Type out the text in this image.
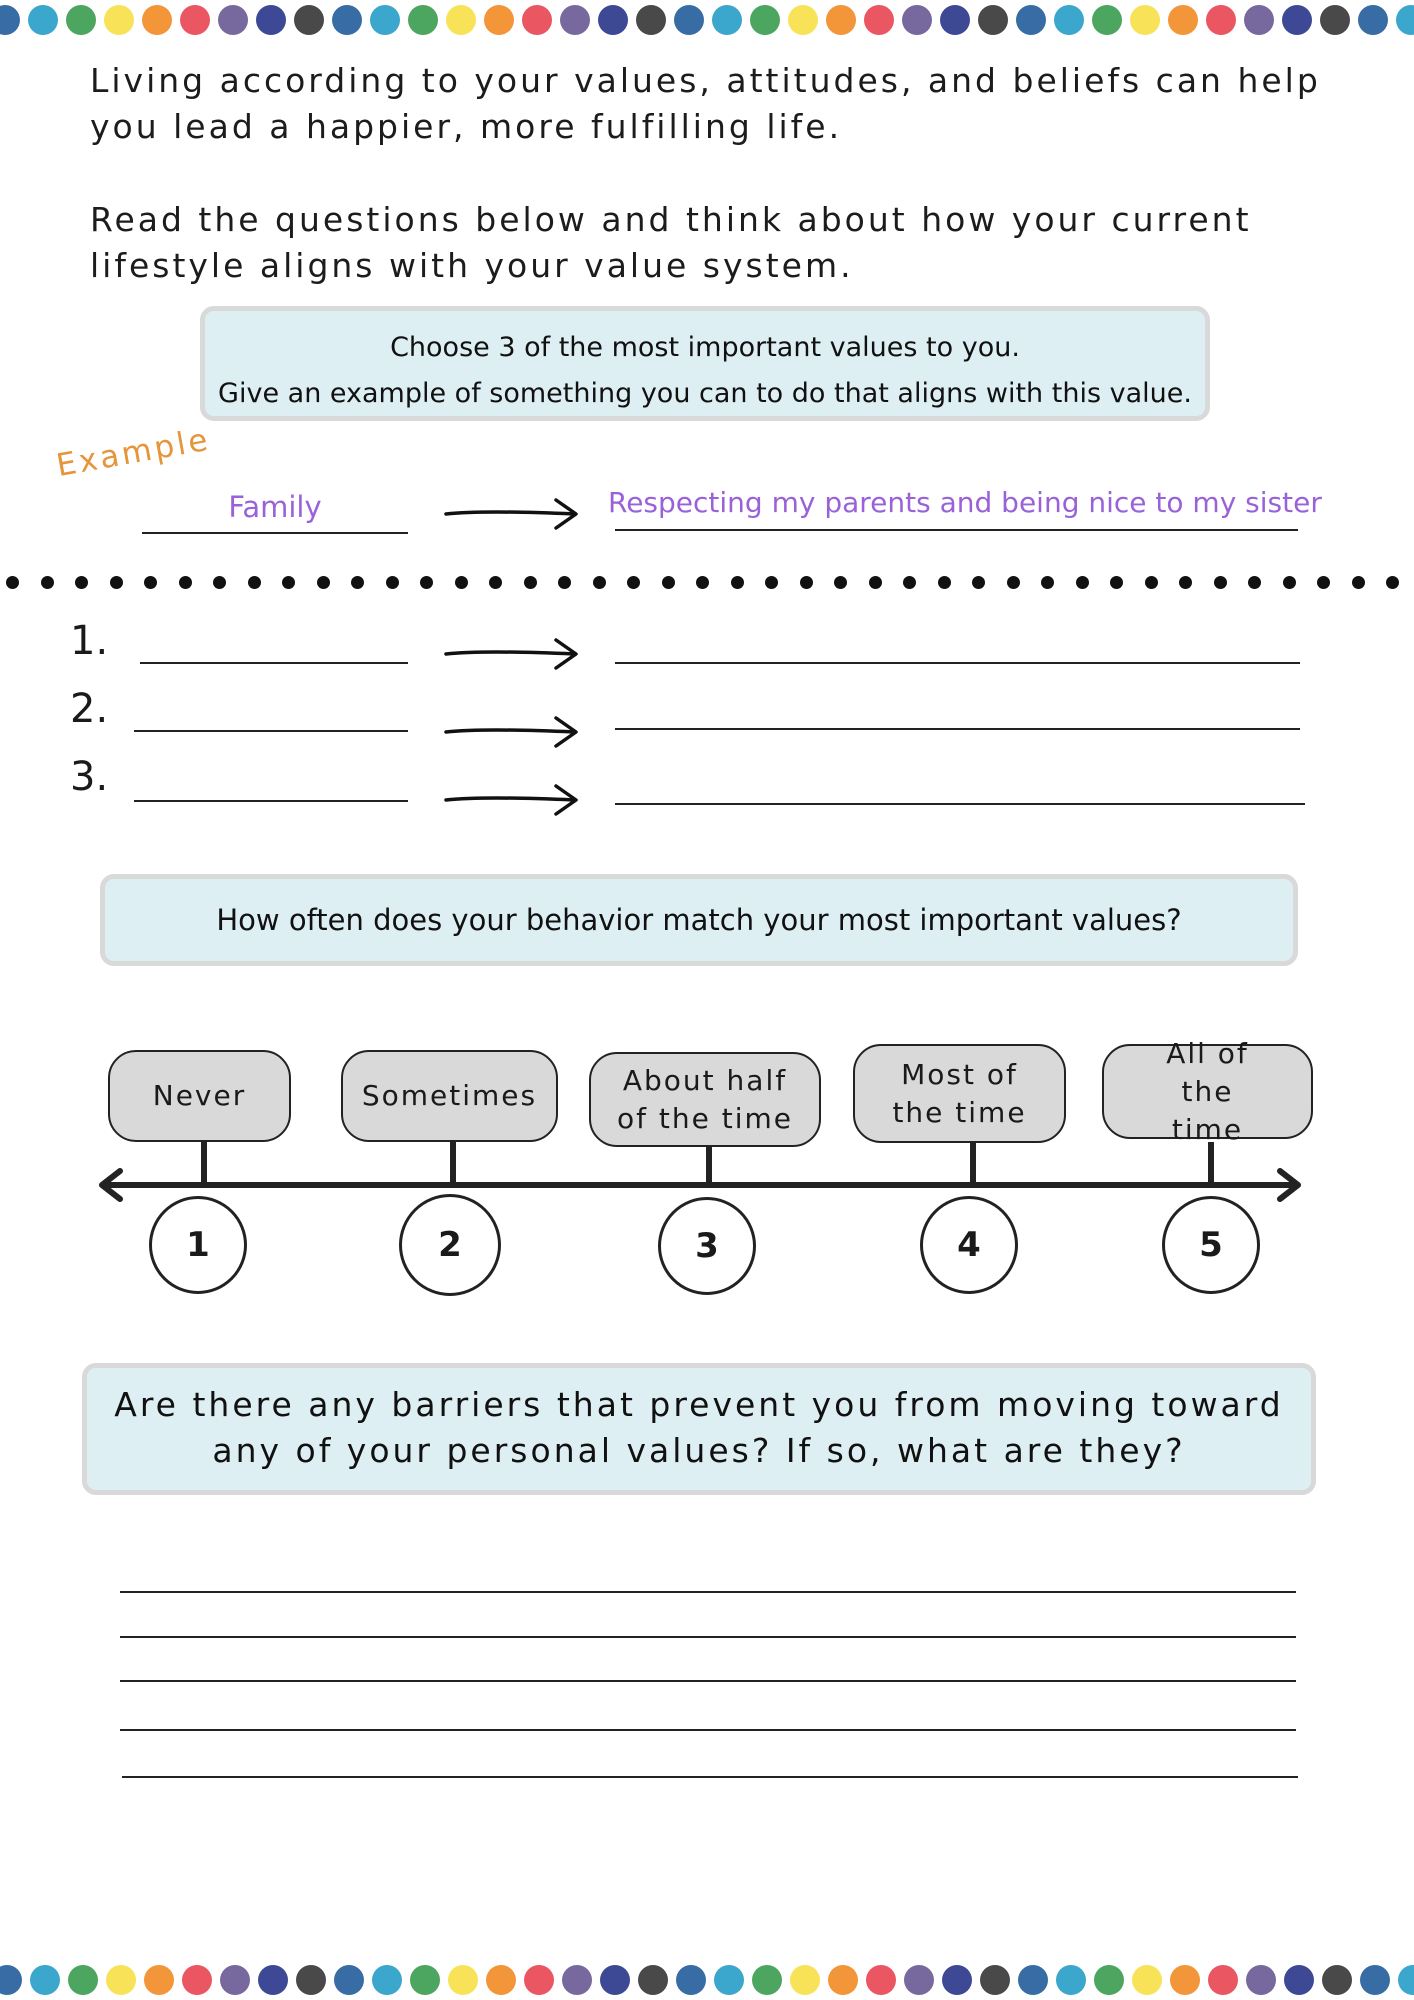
Living according to your values, attitudes, and beliefs can help you lead a happier, more fulfilling life.
Read the questions below and think about how your current lifestyle aligns with your value system.
Choose 3 of the most important values to you.
Give an example of something you can to do that aligns with this value.
Example
Family	Respecting my parents and being nice to my sister
1.
2.
3.
How often does your behavior match your most important values?
Never	Sometimes	About half of the time
Most of the time
All of the time
1	2	3	4	5
Are there any barriers that prevent you from moving toward any of your personal values? If so, what are they?
